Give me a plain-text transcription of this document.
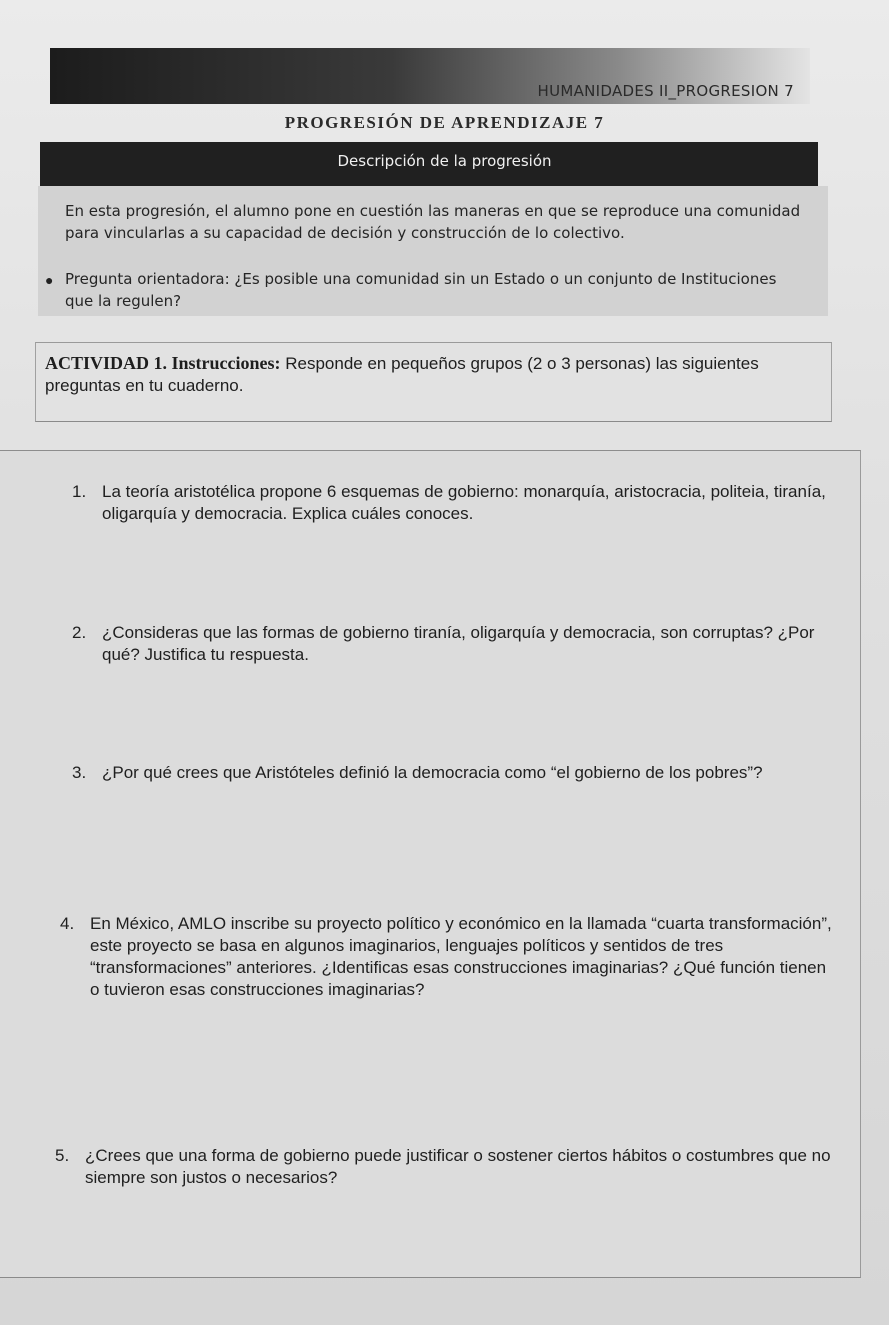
HUMANIDADES II_PROGRESION 7
PROGRESIÓN DE APRENDIZAJE 7
Descripción de la progresión
En esta progresión, el alumno pone en cuestión las maneras en que se reproduce una comunidad para vincularlas a su capacidad de decisión y construcción de lo colectivo.
● Pregunta orientadora: ¿Es posible una comunidad sin un Estado o un conjunto de Instituciones que la regulen?
ACTIVIDAD 1. Instrucciones: Responde en pequeños grupos (2 o 3 personas) las siguientes preguntas en tu cuaderno.
1. La teoría aristotélica propone 6 esquemas de gobierno: monarquía, aristocracia, politeia, tiranía, oligarquía y democracia. Explica cuáles conoces.
2. ¿Consideras que las formas de gobierno tiranía, oligarquía y democracia, son corruptas? ¿Por qué? Justifica tu respuesta.
3. ¿Por qué crees que Aristóteles definió la democracia como “el gobierno de los pobres”?
4. En México, AMLO inscribe su proyecto político y económico en la llamada “cuarta transformación”, este proyecto se basa en algunos imaginarios, lenguajes políticos y sentidos de tres “transformaciones” anteriores. ¿Identificas esas construcciones imaginarias? ¿Qué función tienen o tuvieron esas construcciones imaginarias?
5. ¿Crees que una forma de gobierno puede justificar o sostener ciertos hábitos o costumbres que no siempre son justos o necesarios?
